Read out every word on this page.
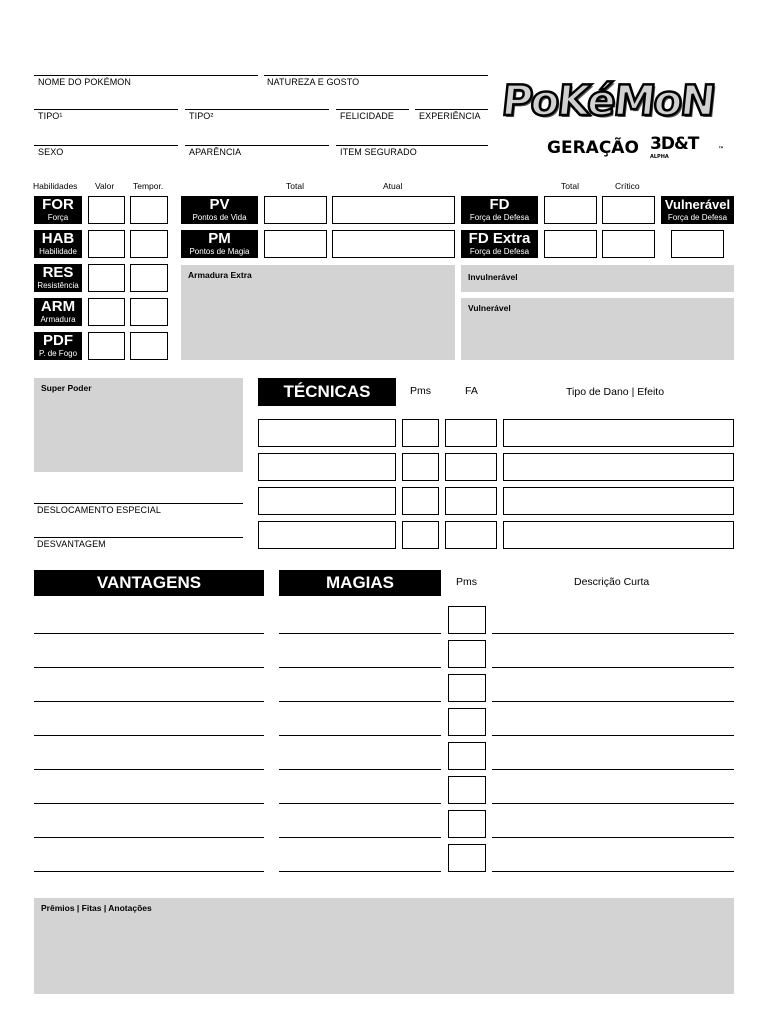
NOME DO POKÉMON	NATUREZA E GOSTO
TIPO¹	TIPO²	FELICIDADE	EXPERIÊNCIA
SEXO	APARÊNCIA	ITEM SEGURADO
PoKéMoN
GERAÇÃO 3D&T
ALPHA
™
Habilidades Valor Tempor.	Total	Atual	Total	Crítico
FOR
Força
HAB
Habilidade
RES
Resistência
ARM
Armadura
PDF
P. de Fogo
PV
Pontos de Vida
PM
Pontos de Magia
Armadura Extra
FD
Força de Defesa
Vulnerável
Força de Defesa
FD Extra
Força de Defesa
Invulnerável
Vulnerável
Super Poder
DESLOCAMENTO ESPECIAL
DESVANTAGEM
TÉCNICAS	Pms	FA	Tipo de Dano | Efeito
VANTAGENS	MAGIAS	Pms	Descrição Curta
Prêmios | Fitas | Anotações
